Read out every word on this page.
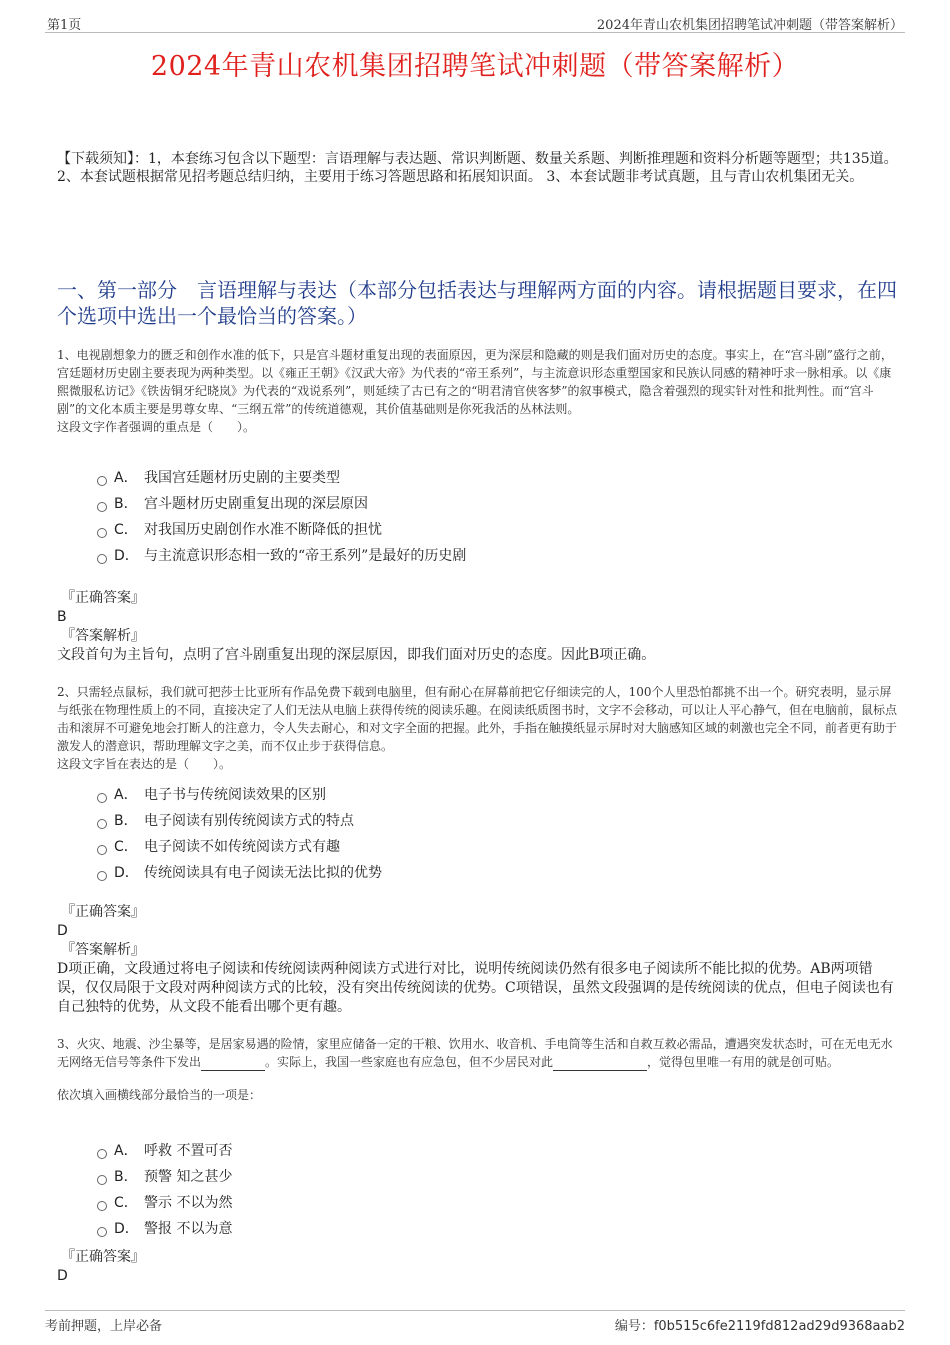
第1页	2024年青山农机集团招聘笔试冲刺题（带答案解析）
2024年青山农机集团招聘笔试冲刺题（带答案解析）
【下载须知】：1，本套练习包含以下题型：言语理解与表达题、常识判断题、数量关系题、判断推理题和资料分析题等题型；共135道。 2、本套试题根据常见招考题总结归纳，主要用于练习答题思路和拓展知识面。 3、本套试题非考试真题，且与青山农机集团无关。
一、第一部分　言语理解与表达（本部分包括表达与理解两方面的内容。请根据题目要求，在四个选项中选出一个最恰当的答案。）

1、电视剧想象力的匮乏和创作水准的低下，只是宫斗题材重复出现的表面原因，更为深层和隐藏的则是我们面对历史的态度。事实上，在“宫斗剧”盛行之前，宫廷题材历史剧主要表现为两种类型。以《雍正王朝》《汉武大帝》为代表的“帝王系列”，与主流意识形态重塑国家和民族认同感的精神吁求一脉相承。以《康熙微服私访记》《铁齿铜牙纪晓岚》为代表的“戏说系列”，则延续了古已有之的“明君清官侠客梦”的叙事模式，隐含着强烈的现实针对性和批判性。而“宫斗剧”的文化本质主要是男尊女卑、“三纲五常”的传统道德观，其价值基础则是你死我活的丛林法则。

这段文字作者强调的重点是（　　）。

A． 我国宫廷题材历史剧的主要类型
B． 宫斗题材历史剧重复出现的深层原因
C． 对我国历史剧创作水准不断降低的担忧
D． 与主流意识形态相一致的“帝王系列”是最好的历史剧
『正确答案』
B
『答案解析』
文段首句为主旨句，点明了宫斗剧重复出现的深层原因，即我们面对历史的态度。因此B项正确。

2、只需轻点鼠标，我们就可把莎士比亚所有作品免费下载到电脑里，但有耐心在屏幕前把它仔细读完的人，100个人里恐怕都挑不出一个。研究表明，显示屏与纸张在物理性质上的不同，直接决定了人们无法从电脑上获得传统的阅读乐趣。在阅读纸质图书时，文字不会移动，可以让人平心静气，但在电脑前，鼠标点击和滚屏不可避免地会打断人的注意力，令人失去耐心，和对文字全面的把握。此外，手指在触摸纸显示屏时对大脑感知区域的刺激也完全不同，前者更有助于激发人的潜意识，帮助理解文字之美，而不仅止步于获得信息。

这段文字旨在表达的是（　　）。

A． 电子书与传统阅读效果的区别
B． 电子阅读有别传统阅读方式的特点
C． 电子阅读不如传统阅读方式有趣
D． 传统阅读具有电子阅读无法比拟的优势
『正确答案』
D
『答案解析』
D项正确，文段通过将电子阅读和传统阅读两种阅读方式进行对比，说明传统阅读仍然有很多电子阅读所不能比拟的优势。AB两项错误，仅仅局限于文段对两种阅读方式的比较，没有突出传统阅读的优势。C项错误，虽然文段强调的是传统阅读的优点，但电子阅读也有自己独特的优势，从文段不能看出哪个更有趣。

3、火灾、地震、沙尘暴等，是居家易遇的险情，家里应储备一定的干粮、饮用水、收音机、手电筒等生活和自救互救必需品，遭遇突发状态时，可在无电无水无网络无信号等条件下发出	。实际上，我国一些家庭也有应急包，但不少居民对此	，觉得包里唯一有用的就是创可贴。

依次填入画横线部分最恰当的一项是：

A． 呼救 不置可否
B． 预警 知之甚少
C． 警示 不以为然
D． 警报 不以为意
『正确答案』
D
考前押题，上岸必备	编号：f0b515c6fe2119fd812ad29d9368aab2
